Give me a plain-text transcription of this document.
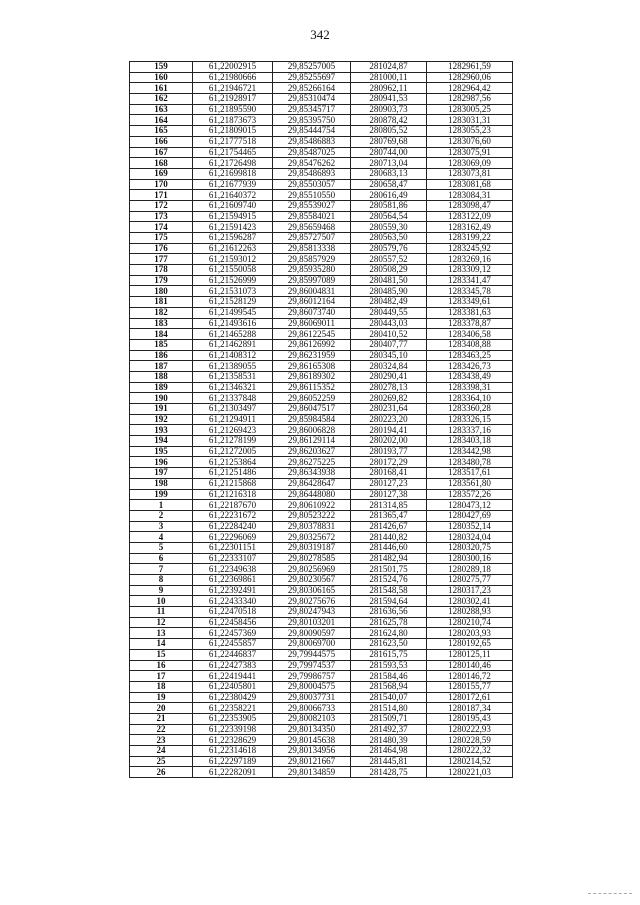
342
159	61,22002915	29,85257005	281024,87	1282961,59
160	61,21980666	29,85255697	281000,11	1282960,06
161	61,21946721	29,85266164	280962,11	1282964,42
162	61,21928917	29,85310474	280941,53	1282987,56
163	61,21895590	29,85345717	280903,73	1283005,25
164	61,21873673	29,85395750	280878,42	1283031,31
165	61,21809015	29,85444754	280805,52	1283055,23
166	61,21777518	29,85486883	280769,68	1283076,60
167	61,21754465	29,85487025	280744,00	1283075,91
168	61,21726498	29,85476262	280713,04	1283069,09
169	61,21699818	29,85486893	280683,13	1283073,81
170	61,21677939	29,85503057	280658,47	1283081,68
171	61,21640372	29,85510550	280616,49	1283084,31
172	61,21609740	29,85539027	280581,86	1283098,47
173	61,21594915	29,85584021	280564,54	1283122,09
174	61,21591423	29,85659468	280559,30	1283162,49
175	61,21596287	29,85727507	280563,50	1283199,22
176	61,21612263	29,85813338	280579,76	1283245,92
177	61,21593012	29,85857929	280557,52	1283269,16
178	61,21550058	29,85935280	280508,29	1283309,12
179	61,21526999	29,85997089	280481,50	1283341,47
180	61,21531073	29,86004831	280485,90	1283345,78
181	61,21528129	29,86012164	280482,49	1283349,61
182	61,21499545	29,86073740	280449,55	1283381,63
183	61,21493616	29,86069011	280443,03	1283378,87
184	61,21465288	29,86122545	280410,52	1283406,58
185	61,21462891	29,86126992	280407,77	1283408,88
186	61,21408312	29,86231959	280345,10	1283463,25
187	61,21389055	29,86165308	280324,84	1283426,73
188	61,21358531	29,86189302	280290,41	1283438,49
189	61,21346321	29,86115352	280278,13	1283398,31
190	61,21337848	29,86052259	280269,82	1283364,10
191	61,21303497	29,86047517	280231,64	1283360,28
192	61,21294911	29,85984584	280223,20	1283326,15
193	61,21269423	29,86006828	280194,41	1283337,16
194	61,21278199	29,86129114	280202,00	1283403,18
195	61,21272005	29,86203627	280193,77	1283442,98
196	61,21253864	29,86275225	280172,29	1283480,78
197	61,21251486	29,86343938	280168,41	1283517,61
198	61,21215868	29,86428647	280127,23	1283561,80
199	61,21216318	29,86448080	280127,38	1283572,26
1	61,22187670	29,80610922	281314,85	1280473,12
2	61,22231672	29,80523222	281365,47	1280427,69
3	61,22284240	29,80378831	281426,67	1280352,14
4	61,22296069	29,80325672	281440,82	1280324,04
5	61,22301151	29,80319187	281446,60	1280320,75
6	61,22333107	29,80278585	281482,94	1280300,16
7	61,22349638	29,80256969	281501,75	1280289,18
8	61,22369861	29,80230567	281524,76	1280275,77
9	61,22392491	29,80306165	281548,58	1280317,23
10	61,22433340	29,80275676	281594,64	1280302,41
11	61,22470518	29,80247943	281636,56	1280288,93
12	61,22458456	29,80103201	281625,78	1280210,74
13	61,22457369	29,80090597	281624,80	1280203,93
14	61,22455857	29,80069700	281623,50	1280192,65
15	61,22446837	29,79944575	281615,75	1280125,11
16	61,22427383	29,79974537	281593,53	1280140,46
17	61,22419441	29,79986757	281584,46	1280146,72
18	61,22405801	29,80004575	281568,94	1280155,77
19	61,22380429	29,80037731	281540,07	1280172,61
20	61,22358221	29,80066733	281514,80	1280187,34
21	61,22353905	29,80082103	281509,71	1280195,43
22	61,22339198	29,80134350	281492,37	1280222,93
23	61,22328629	29,80145638	281480,39	1280228,59
24	61,22314618	29,80134956	281464,98	1280222,32
25	61,22297189	29,80121667	281445,81	1280214,52
26	61,22282091	29,80134859	281428,75	1280221,03
